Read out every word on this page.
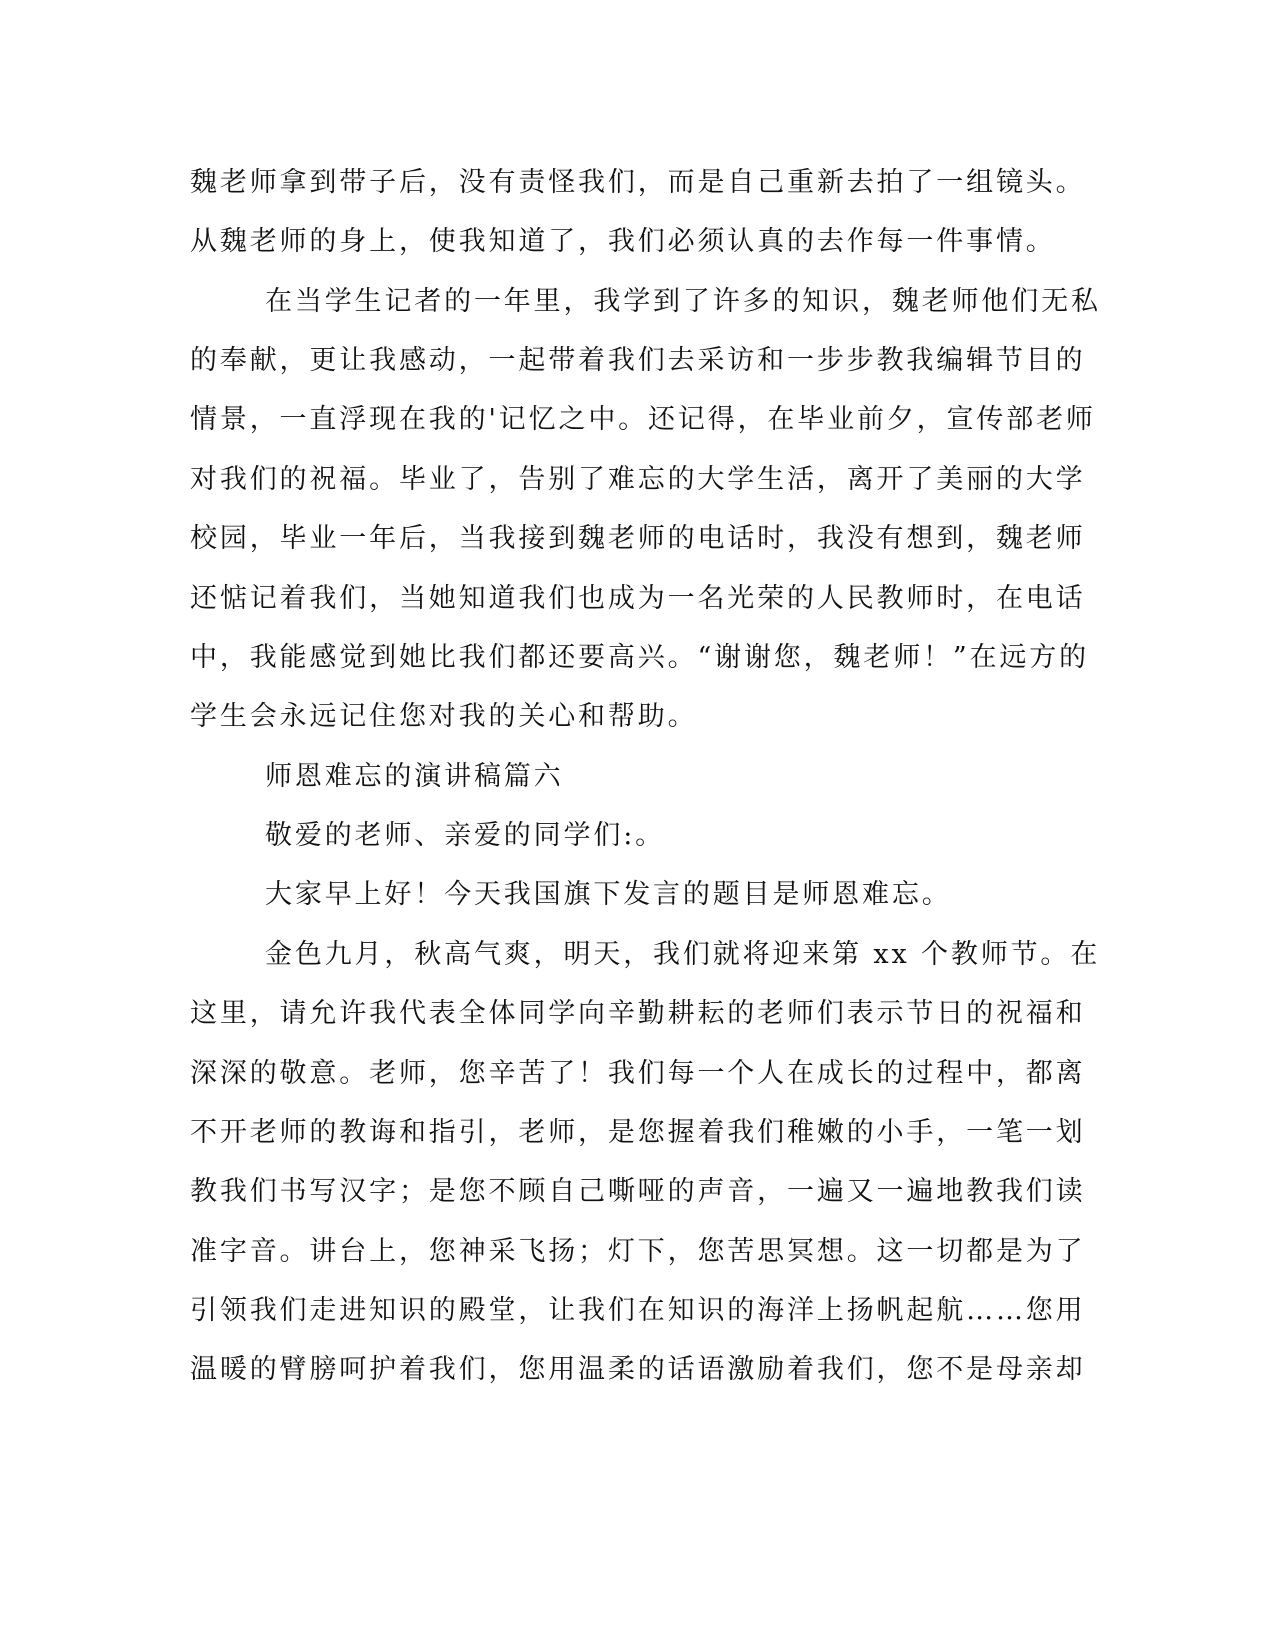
魏老师拿到带子后，没有责怪我们，而是自己重新去拍了一组镜头。
从魏老师的身上，使我知道了，我们必须认真的去作每一件事情。
在当学生记者的一年里，我学到了许多的知识，魏老师他们无私
的奉献，更让我感动，一起带着我们去采访和一步步教我编辑节目的
情景，一直浮现在我的'记忆之中。还记得，在毕业前夕，宣传部老师
对我们的祝福。毕业了，告别了难忘的大学生活，离开了美丽的大学
校园，毕业一年后，当我接到魏老师的电话时，我没有想到，魏老师
还惦记着我们，当她知道我们也成为一名光荣的人民教师时，在电话
中，我能感觉到她比我们都还要高兴。“谢谢您，魏老师！”在远方的
学生会永远记住您对我的关心和帮助。
师恩难忘的演讲稿篇六
敬爱的老师、亲爱的同学们:。
大家早上好！今天我国旗下发言的题目是师恩难忘。
金色九月，秋高气爽，明天，我们就将迎来第 xx 个教师节。在
这里，请允许我代表全体同学向辛勤耕耘的老师们表示节日的祝福和
深深的敬意。老师，您辛苦了！我们每一个人在成长的过程中，都离
不开老师的教诲和指引，老师，是您握着我们稚嫩的小手，一笔一划
教我们书写汉字；是您不顾自己嘶哑的声音，一遍又一遍地教我们读
准字音。讲台上，您神采飞扬；灯下，您苦思冥想。这一切都是为了
引领我们走进知识的殿堂，让我们在知识的海洋上扬帆起航……您用
温暖的臂膀呵护着我们，您用温柔的话语激励着我们，您不是母亲却
